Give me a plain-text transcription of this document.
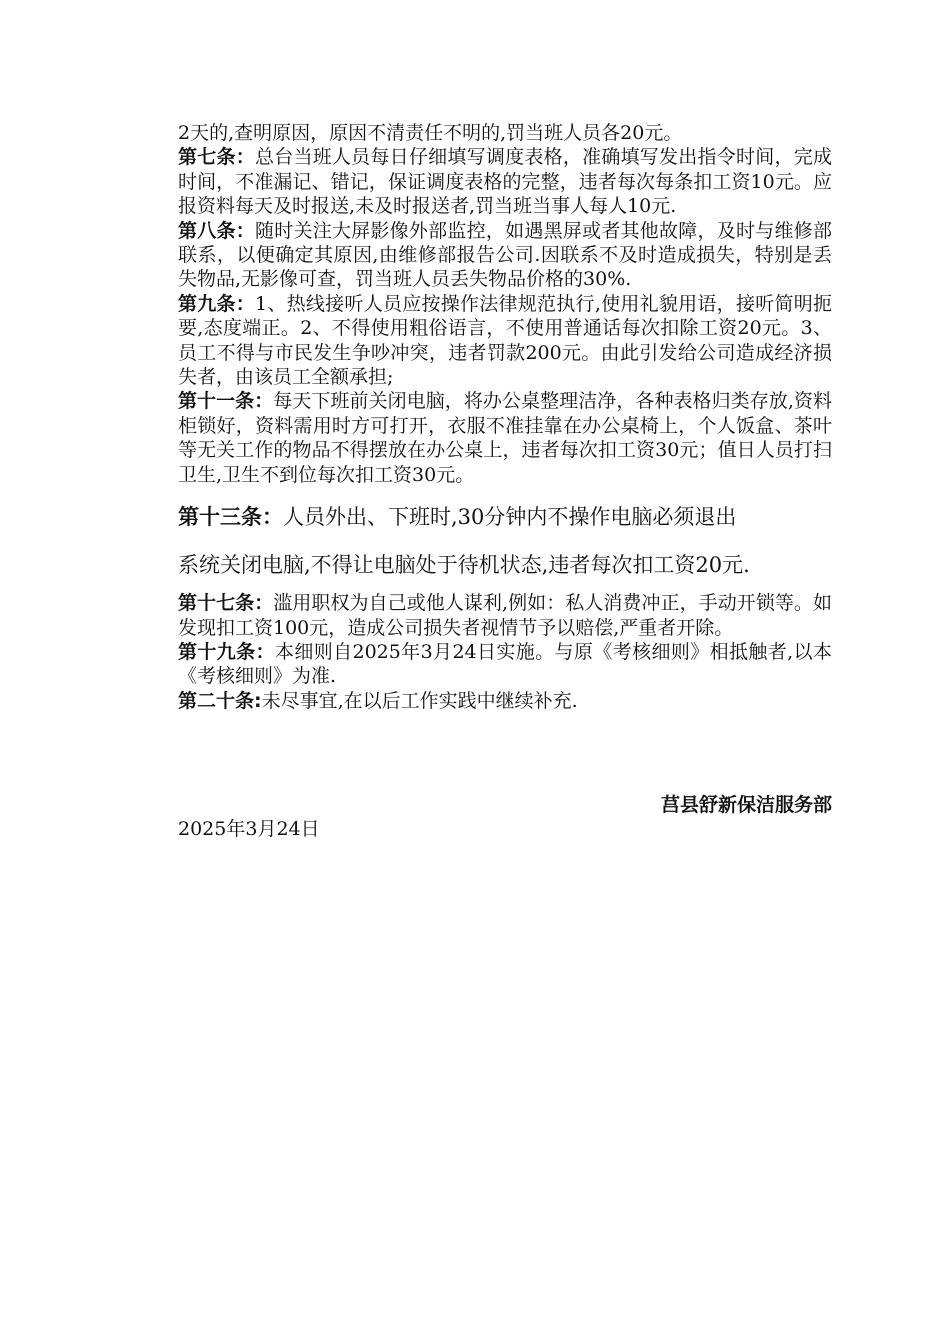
2天的,查明原因，原因不清责任不明的,罚当班人员各20元。

第七条：总台当班人员每日仔细填写调度表格，准确填写发出指令时间，完成时间，不准漏记、错记，保证调度表格的完整，违者每次每条扣工资10元。应报资料每天及时报送,未及时报送者,罚当班当事人每人10元.

第八条：随时关注大屏影像外部监控，如遇黑屏或者其他故障，及时与维修部联系，以便确定其原因,由维修部报告公司.因联系不及时造成损失，特别是丢失物品,无影像可查，罚当班人员丢失物品价格的30%.

第九条：1、热线接听人员应按操作法律规范执行,使用礼貌用语，接听简明扼要,态度端正。2、不得使用粗俗语言，不使用普通话每次扣除工资20元。3、员工不得与市民发生争吵冲突，违者罚款200元。由此引发给公司造成经济损失者，由该员工全额承担;

第十一条：每天下班前关闭电脑，将办公桌整理洁净，各种表格归类存放,资料柜锁好，资料需用时方可打开，衣服不准挂靠在办公桌椅上，个人饭盒、茶叶等无关工作的物品不得摆放在办公桌上，违者每次扣工资30元；值日人员打扫卫生,卫生不到位每次扣工资30元。

第十三条：人员外出、下班时,30分钟内不操作电脑必须退出
系统关闭电脑,不得让电脑处于待机状态,违者每次扣工资20元.

第十七条：滥用职权为自己或他人谋利,例如：私人消费冲正，手动开锁等。如发现扣工资100元，造成公司损失者视情节予以赔偿,严重者开除。

第十九条：本细则自2025年3月24日实施。与原《考核细则》相抵触者,以本《考核细则》为准.

第二十条:未尽事宜,在以后工作实践中继续补充.

莒县舒新保洁服务部

2025年3月24日
